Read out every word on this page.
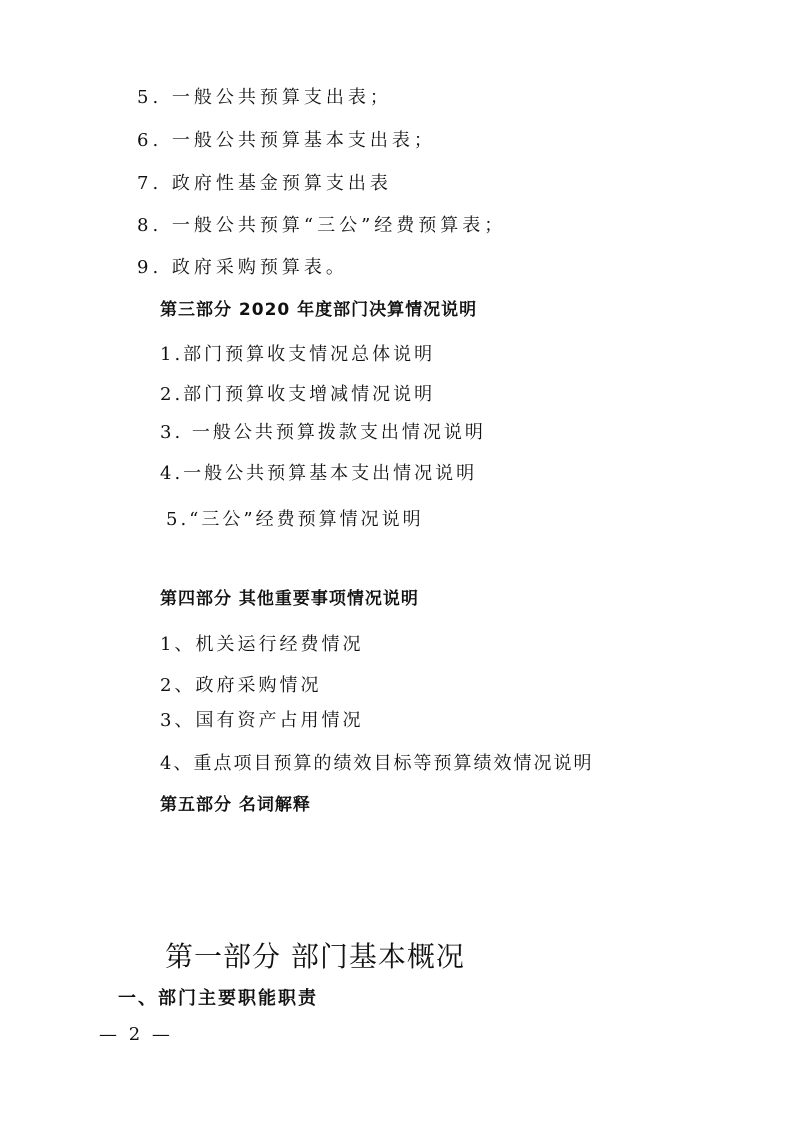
5. 一般公共预算支出表；
6. 一般公共预算基本支出表；
7. 政府性基金预算支出表
8. 一般公共预算“三公”经费预算表；
9. 政府采购预算表。
第三部分 2020 年度部门决算情况说明
1.部门预算收支情况总体说明
2.部门预算收支增减情况说明
3. 一般公共预算拨款支出情况说明
4.一般公共预算基本支出情况说明
5.“三公”经费预算情况说明
第四部分 其他重要事项情况说明
1、机关运行经费情况
2、政府采购情况
3、国有资产占用情况
4、重点项目预算的绩效目标等预算绩效情况说明
第五部分 名词解释
第一部分 部门基本概况
一、部门主要职能职责
— 2 —
